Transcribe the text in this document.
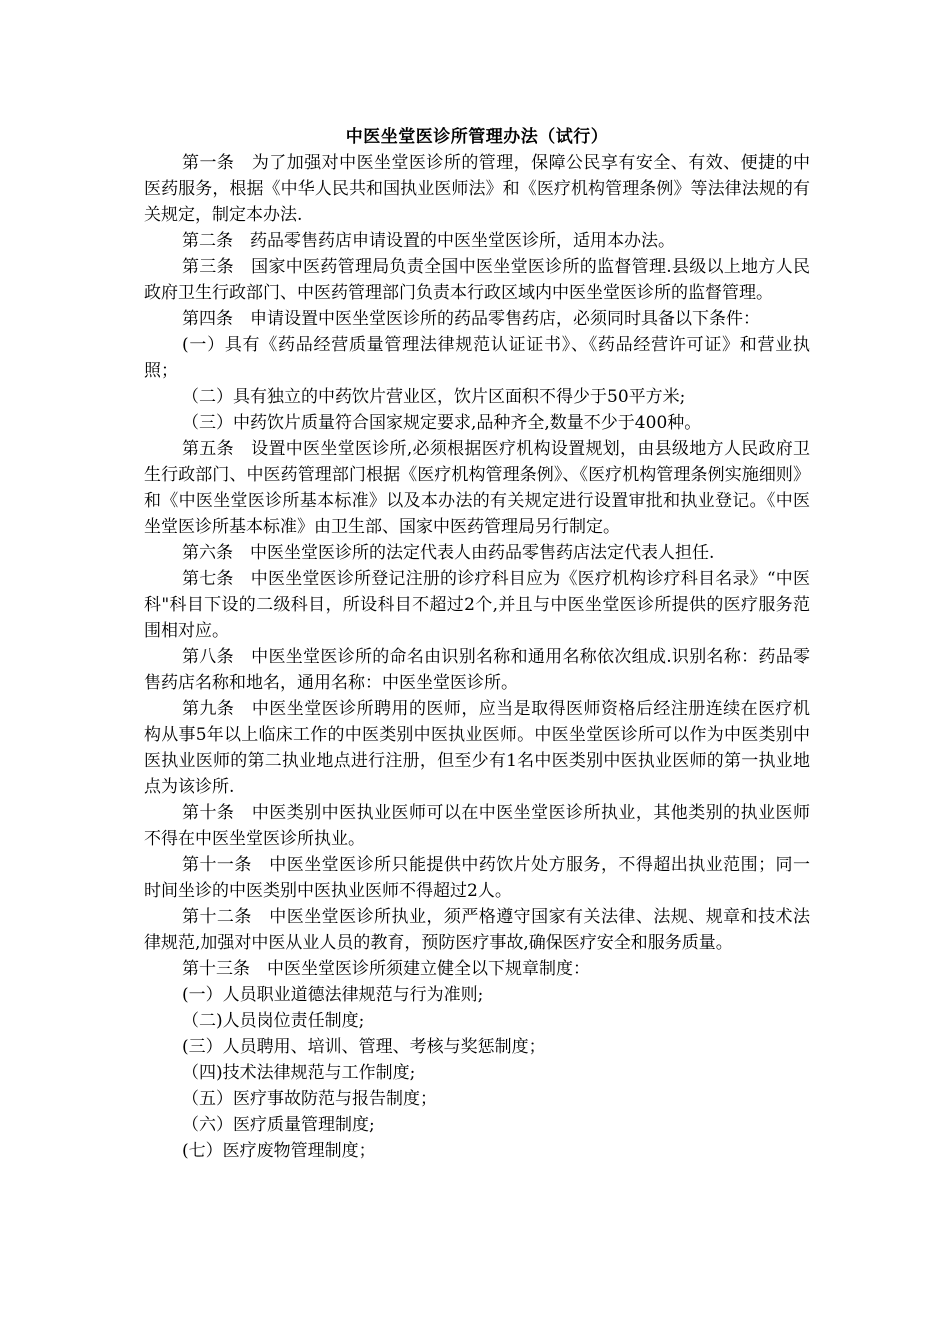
中医坐堂医诊所管理办法（试行）

第一条　为了加强对中医坐堂医诊所的管理，保障公民享有安全、有效、便捷的中医药服务，根据《中华人民共和国执业医师法》和《医疗机构管理条例》等法律法规的有关规定，制定本办法.

第二条　药品零售药店申请设置的中医坐堂医诊所，适用本办法。

第三条　国家中医药管理局负责全国中医坐堂医诊所的监督管理.县级以上地方人民政府卫生行政部门、中医药管理部门负责本行政区域内中医坐堂医诊所的监督管理。

第四条　申请设置中医坐堂医诊所的药品零售药店，必须同时具备以下条件：

(一）具有《药品经营质量管理法律规范认证证书》、《药品经营许可证》和营业执照；

（二）具有独立的中药饮片营业区，饮片区面积不得少于50平方米;

（三）中药饮片质量符合国家规定要求,品种齐全,数量不少于400种。

第五条　设置中医坐堂医诊所,必须根据医疗机构设置规划，由县级地方人民政府卫生行政部门、中医药管理部门根据《医疗机构管理条例》、《医疗机构管理条例实施细则》和《中医坐堂医诊所基本标准》以及本办法的有关规定进行设置审批和执业登记。《中医坐堂医诊所基本标准》由卫生部、国家中医药管理局另行制定。

第六条　中医坐堂医诊所的法定代表人由药品零售药店法定代表人担任.

第七条　中医坐堂医诊所登记注册的诊疗科目应为《医疗机构诊疗科目名录》“中医科"科目下设的二级科目，所设科目不超过2个,并且与中医坐堂医诊所提供的医疗服务范围相对应。

第八条　中医坐堂医诊所的命名由识别名称和通用名称依次组成.识别名称：药品零售药店名称和地名，通用名称：中医坐堂医诊所。

第九条　中医坐堂医诊所聘用的医师，应当是取得医师资格后经注册连续在医疗机构从事5年以上临床工作的中医类别中医执业医师。中医坐堂医诊所可以作为中医类别中医执业医师的第二执业地点进行注册，但至少有1名中医类别中医执业医师的第一执业地点为该诊所.

第十条　中医类别中医执业医师可以在中医坐堂医诊所执业，其他类别的执业医师不得在中医坐堂医诊所执业。

第十一条　中医坐堂医诊所只能提供中药饮片处方服务，不得超出执业范围；同一时间坐诊的中医类别中医执业医师不得超过2人。

第十二条　中医坐堂医诊所执业，须严格遵守国家有关法律、法规、规章和技术法律规范,加强对中医从业人员的教育，预防医疗事故,确保医疗安全和服务质量。

第十三条　中医坐堂医诊所须建立健全以下规章制度：

(一）人员职业道德法律规范与行为准则;

（二)人员岗位责任制度;

(三）人员聘用、培训、管理、考核与奖惩制度；

（四)技术法律规范与工作制度;

（五）医疗事故防范与报告制度；

（六）医疗质量管理制度;

(七）医疗废物管理制度；
